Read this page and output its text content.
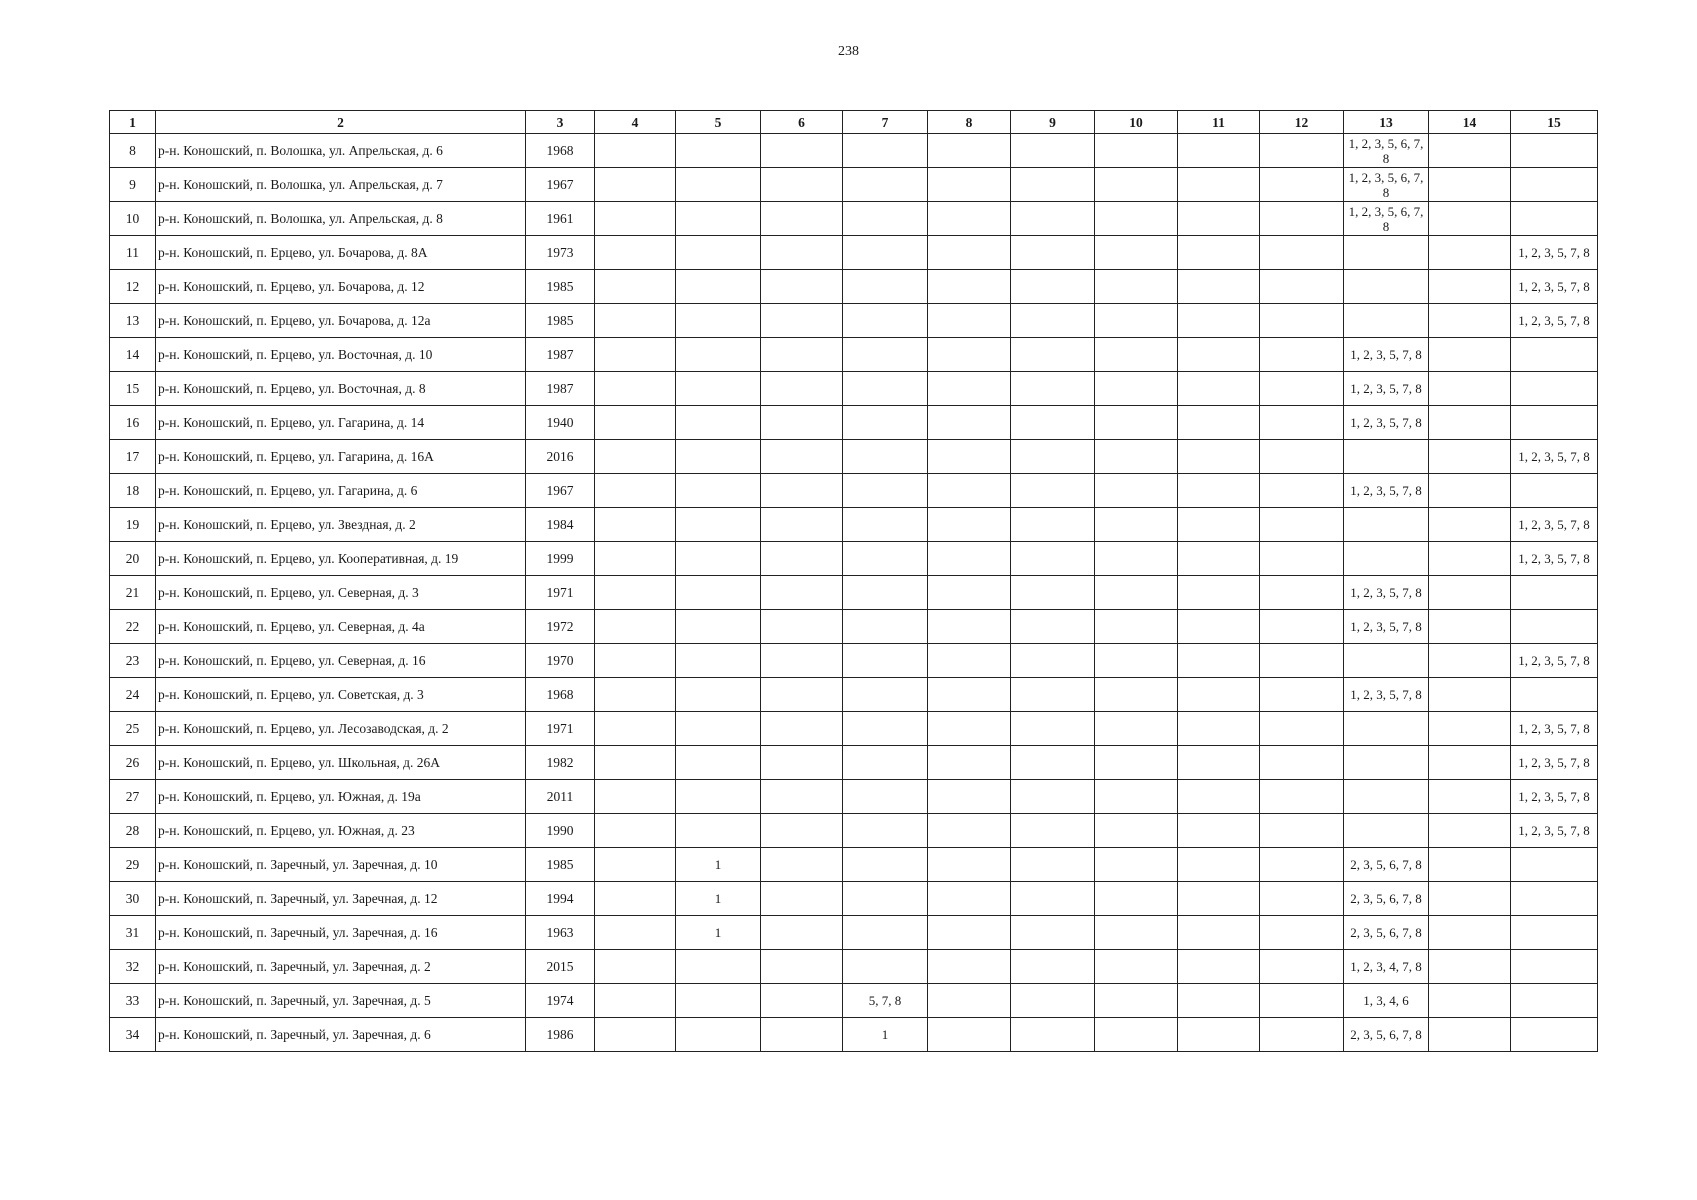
238
1	2	3	4	5	6	7	8	9	10	11	12	13	14	15
8	р-н. Коношский, п. Волошка, ул. Апрельская, д. 6	1968										1, 2, 3, 5, 6, 7, 8		
9	р-н. Коношский, п. Волошка, ул. Апрельская, д. 7	1967										1, 2, 3, 5, 6, 7, 8		
10	р-н. Коношский, п. Волошка, ул. Апрельская, д. 8	1961										1, 2, 3, 5, 6, 7, 8		
11	р-н. Коношский, п. Ерцево, ул. Бочарова, д. 8А	1973												1, 2, 3, 5, 7, 8
12	р-н. Коношский, п. Ерцево, ул. Бочарова, д. 12	1985												1, 2, 3, 5, 7, 8
13	р-н. Коношский, п. Ерцево, ул. Бочарова, д. 12а	1985												1, 2, 3, 5, 7, 8
14	р-н. Коношский, п. Ерцево, ул. Восточная, д. 10	1987										1, 2, 3, 5, 7, 8		
15	р-н. Коношский, п. Ерцево, ул. Восточная, д. 8	1987										1, 2, 3, 5, 7, 8		
16	р-н. Коношский, п. Ерцево, ул. Гагарина, д. 14	1940										1, 2, 3, 5, 7, 8		
17	р-н. Коношский, п. Ерцево, ул. Гагарина, д. 16А	2016												1, 2, 3, 5, 7, 8
18	р-н. Коношский, п. Ерцево, ул. Гагарина, д. 6	1967										1, 2, 3, 5, 7, 8		
19	р-н. Коношский, п. Ерцево, ул. Звездная, д. 2	1984												1, 2, 3, 5, 7, 8
20	р-н. Коношский, п. Ерцево, ул. Кооперативная, д. 19	1999												1, 2, 3, 5, 7, 8
21	р-н. Коношский, п. Ерцево, ул. Северная, д. 3	1971										1, 2, 3, 5, 7, 8		
22	р-н. Коношский, п. Ерцево, ул. Северная, д. 4а	1972										1, 2, 3, 5, 7, 8		
23	р-н. Коношский, п. Ерцево, ул. Северная, д. 16	1970												1, 2, 3, 5, 7, 8
24	р-н. Коношский, п. Ерцево, ул. Советская, д. 3	1968										1, 2, 3, 5, 7, 8		
25	р-н. Коношский, п. Ерцево, ул. Лесозаводская, д. 2	1971												1, 2, 3, 5, 7, 8
26	р-н. Коношский, п. Ерцево, ул. Школьная, д. 26А	1982												1, 2, 3, 5, 7, 8
27	р-н. Коношский, п. Ерцево, ул. Южная, д. 19а	2011												1, 2, 3, 5, 7, 8
28	р-н. Коношский, п. Ерцево, ул. Южная, д. 23	1990												1, 2, 3, 5, 7, 8
29	р-н. Коношский, п. Заречный, ул. Заречная, д. 10	1985		1								2, 3, 5, 6, 7, 8		
30	р-н. Коношский, п. Заречный, ул. Заречная, д. 12	1994		1								2, 3, 5, 6, 7, 8		
31	р-н. Коношский, п. Заречный, ул. Заречная, д. 16	1963		1								2, 3, 5, 6, 7, 8		
32	р-н. Коношский, п. Заречный, ул. Заречная, д. 2	2015										1, 2, 3, 4, 7, 8		
33	р-н. Коношский, п. Заречный, ул. Заречная, д. 5	1974				5, 7, 8						1, 3, 4, 6		
34	р-н. Коношский, п. Заречный, ул. Заречная, д. 6	1986				1						2, 3, 5, 6, 7, 8		
